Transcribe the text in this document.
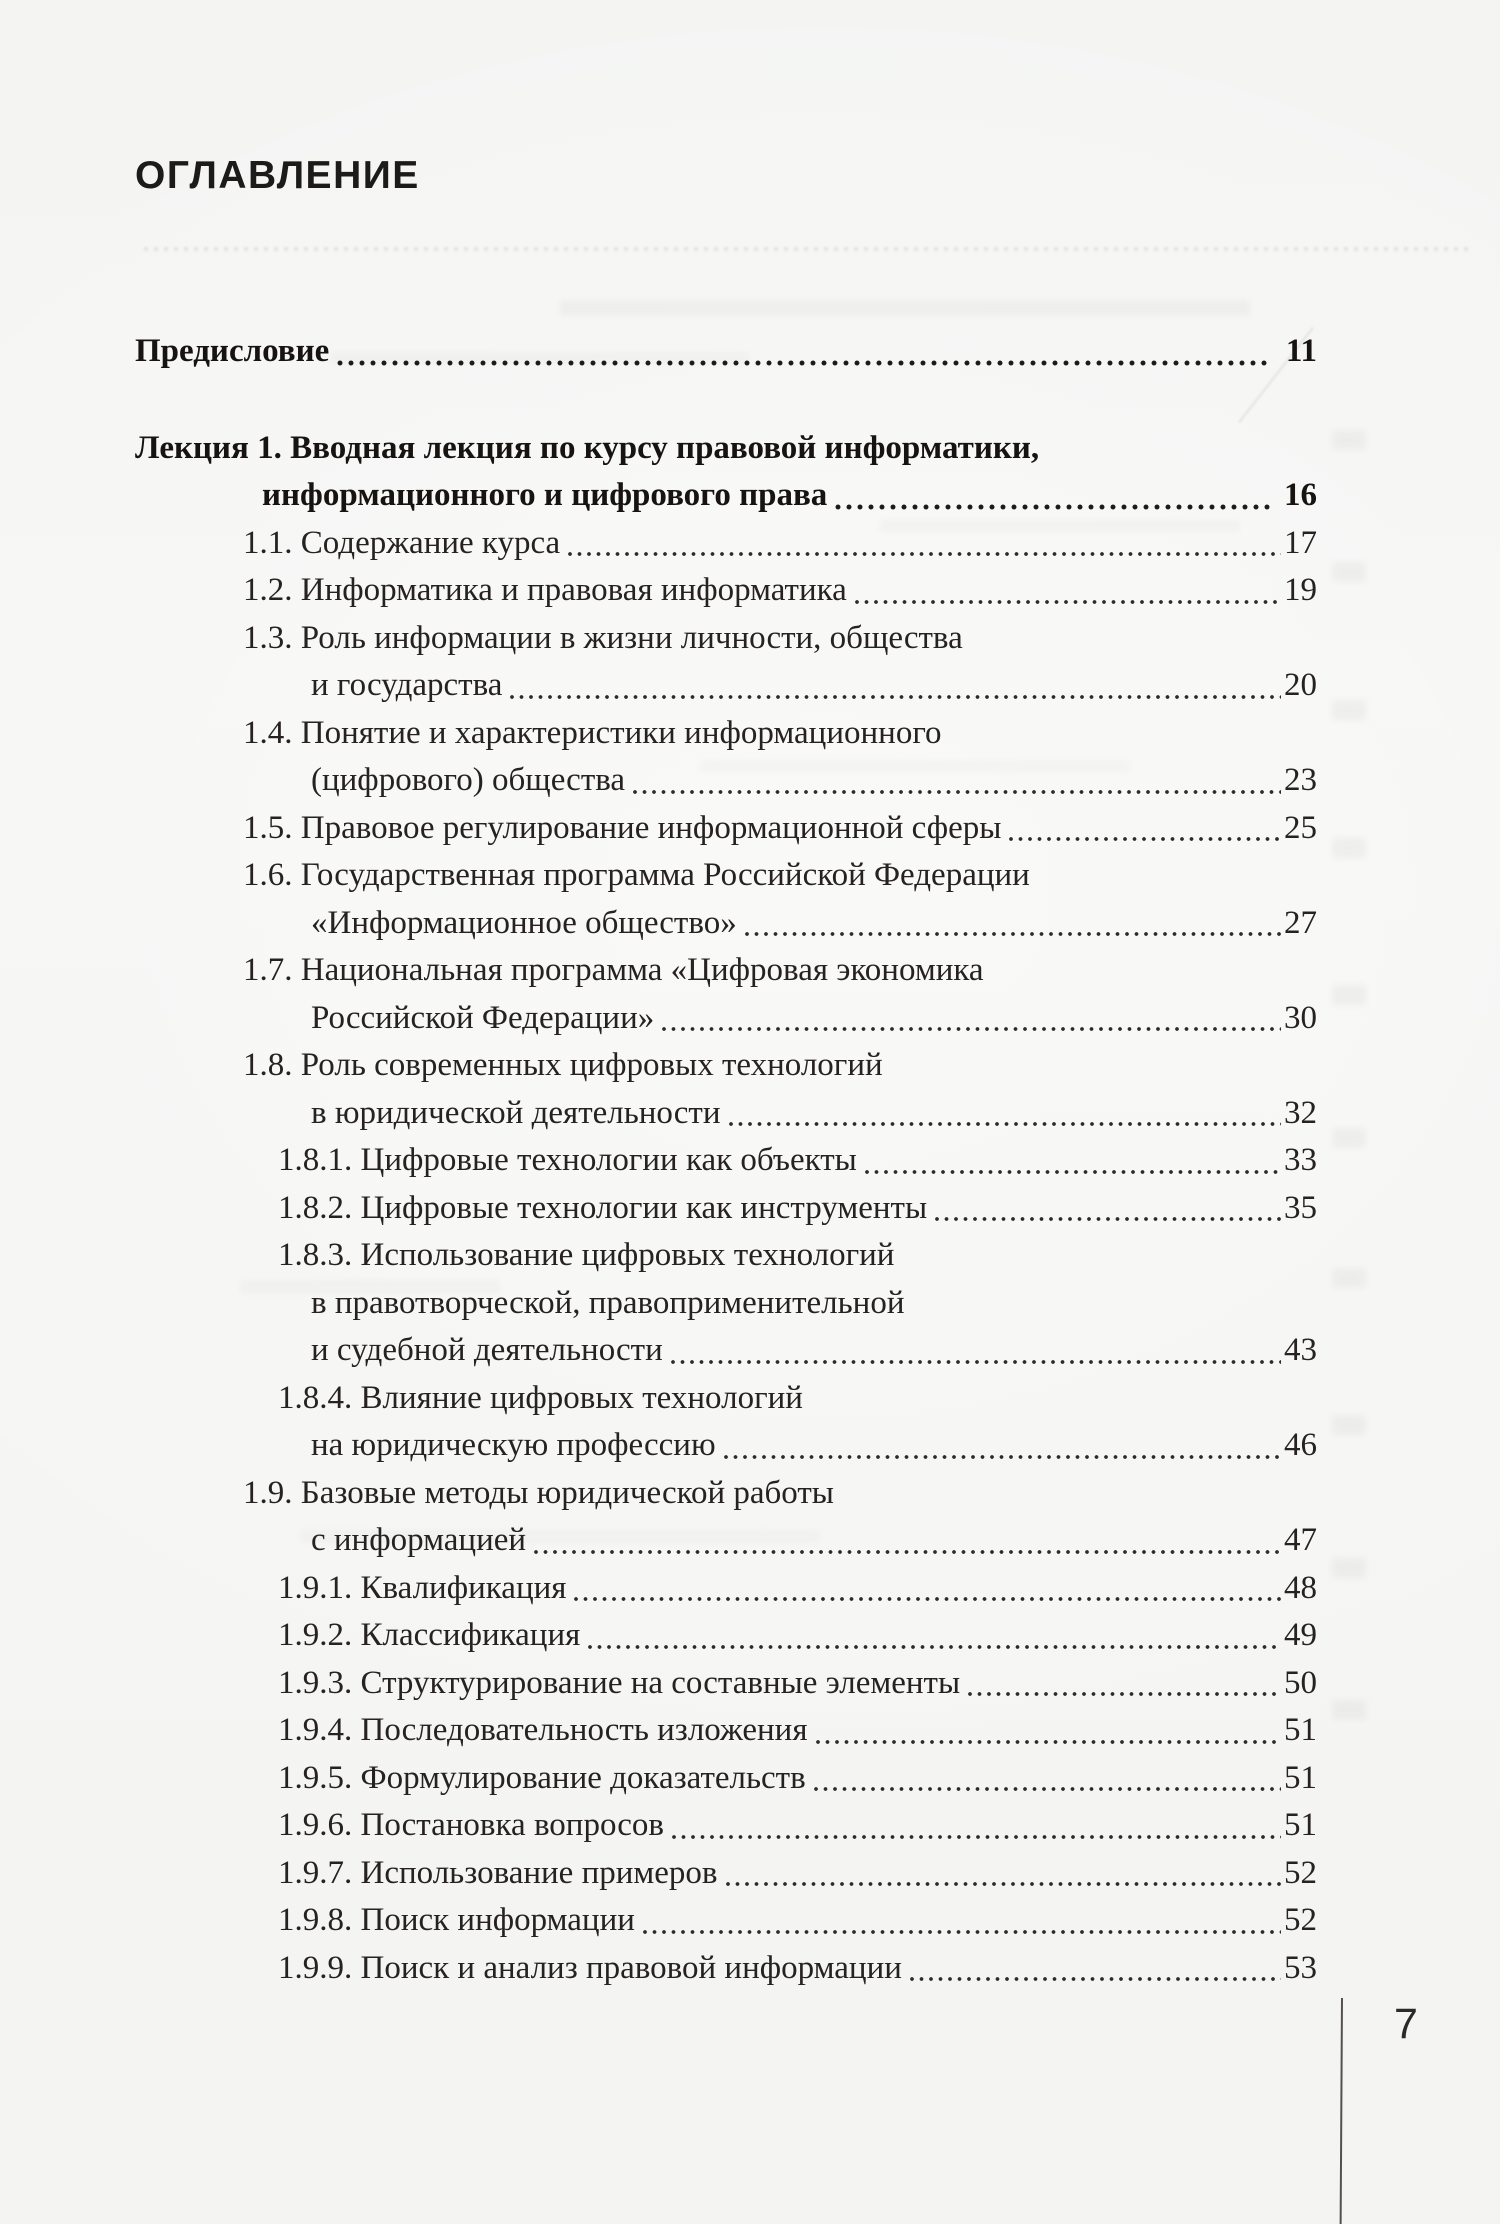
ОГЛАВЛЕНИЕ
Предисловие	11
Лекция 1. Вводная лекция по курсу правовой информатики,
информационного и цифрового права	16
1.1. Содержание курса	17
1.2. Информатика и правовая информатика	19
1.3. Роль информации в жизни личности, общества
и государства	20
1.4. Понятие и характеристики информационного
(цифрового) общества	23
1.5. Правовое регулирование информационной сферы	25
1.6. Государственная программа Российской Федерации
«Информационное общество»	27
1.7. Национальная программа «Цифровая экономика
Российской Федерации»	30
1.8. Роль современных цифровых технологий
в юридической деятельности	32
1.8.1. Цифровые технологии как объекты	33
1.8.2. Цифровые технологии как инструменты	35
1.8.3. Использование цифровых технологий
в правотворческой, правоприменительной
и судебной деятельности	43
1.8.4. Влияние цифровых технологий
на юридическую профессию	46
1.9. Базовые методы юридической работы
с информацией	47
1.9.1. Квалификация	48
1.9.2. Классификация	49
1.9.3. Структурирование на составные элементы	50
1.9.4. Последовательность изложения	51
1.9.5. Формулирование доказательств	51
1.9.6. Постановка вопросов	51
1.9.7. Использование примеров	52
1.9.8. Поиск информации	52
1.9.9. Поиск и анализ правовой информации	53
7
